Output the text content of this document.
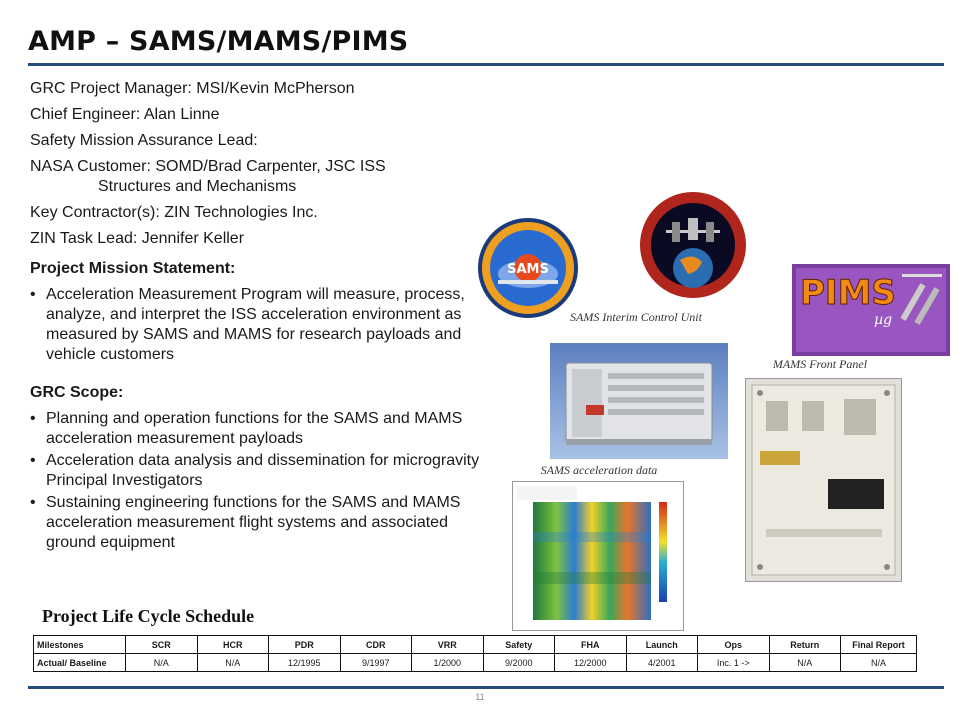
AMP – SAMS/MAMS/PIMS

GRC Project Manager: MSI/Kevin McPherson

Chief Engineer: Alan Linne

Safety Mission Assurance Lead:

NASA Customer: SOMD/Brad Carpenter, JSC ISS
Structures and Mechanisms

Key Contractor(s): ZIN Technologies Inc.

ZIN Task Lead: Jennifer Keller

Project Mission Statement:

• Acceleration Measurement Program will measure, process, analyze, and interpret the ISS acceleration environment as measured by SAMS and MAMS for research payloads and vehicle customers

GRC Scope:

• Planning and operation functions for the SAMS and MAMS acceleration measurement payloads
• Acceleration data analysis and dissemination for microgravity Principal Investigators
• Sustaining engineering functions for the SAMS and MAMS acceleration measurement flight systems and associated ground equipment
SAMS
PIMS
µg
SAMS Interim Control Unit
MAMS Front Panel
SAMS acceleration data
Project Life Cycle Schedule
Milestones	SCR	HCR	PDR	CDR	VRR	Safety	FHA	Launch	Ops	Return	Final Report
Actual/ Baseline	N/A	N/A	12/1995	9/1997	1/2000	9/2000	12/2000	4/2001	Inc. 1 ->	N/A	N/A
11
